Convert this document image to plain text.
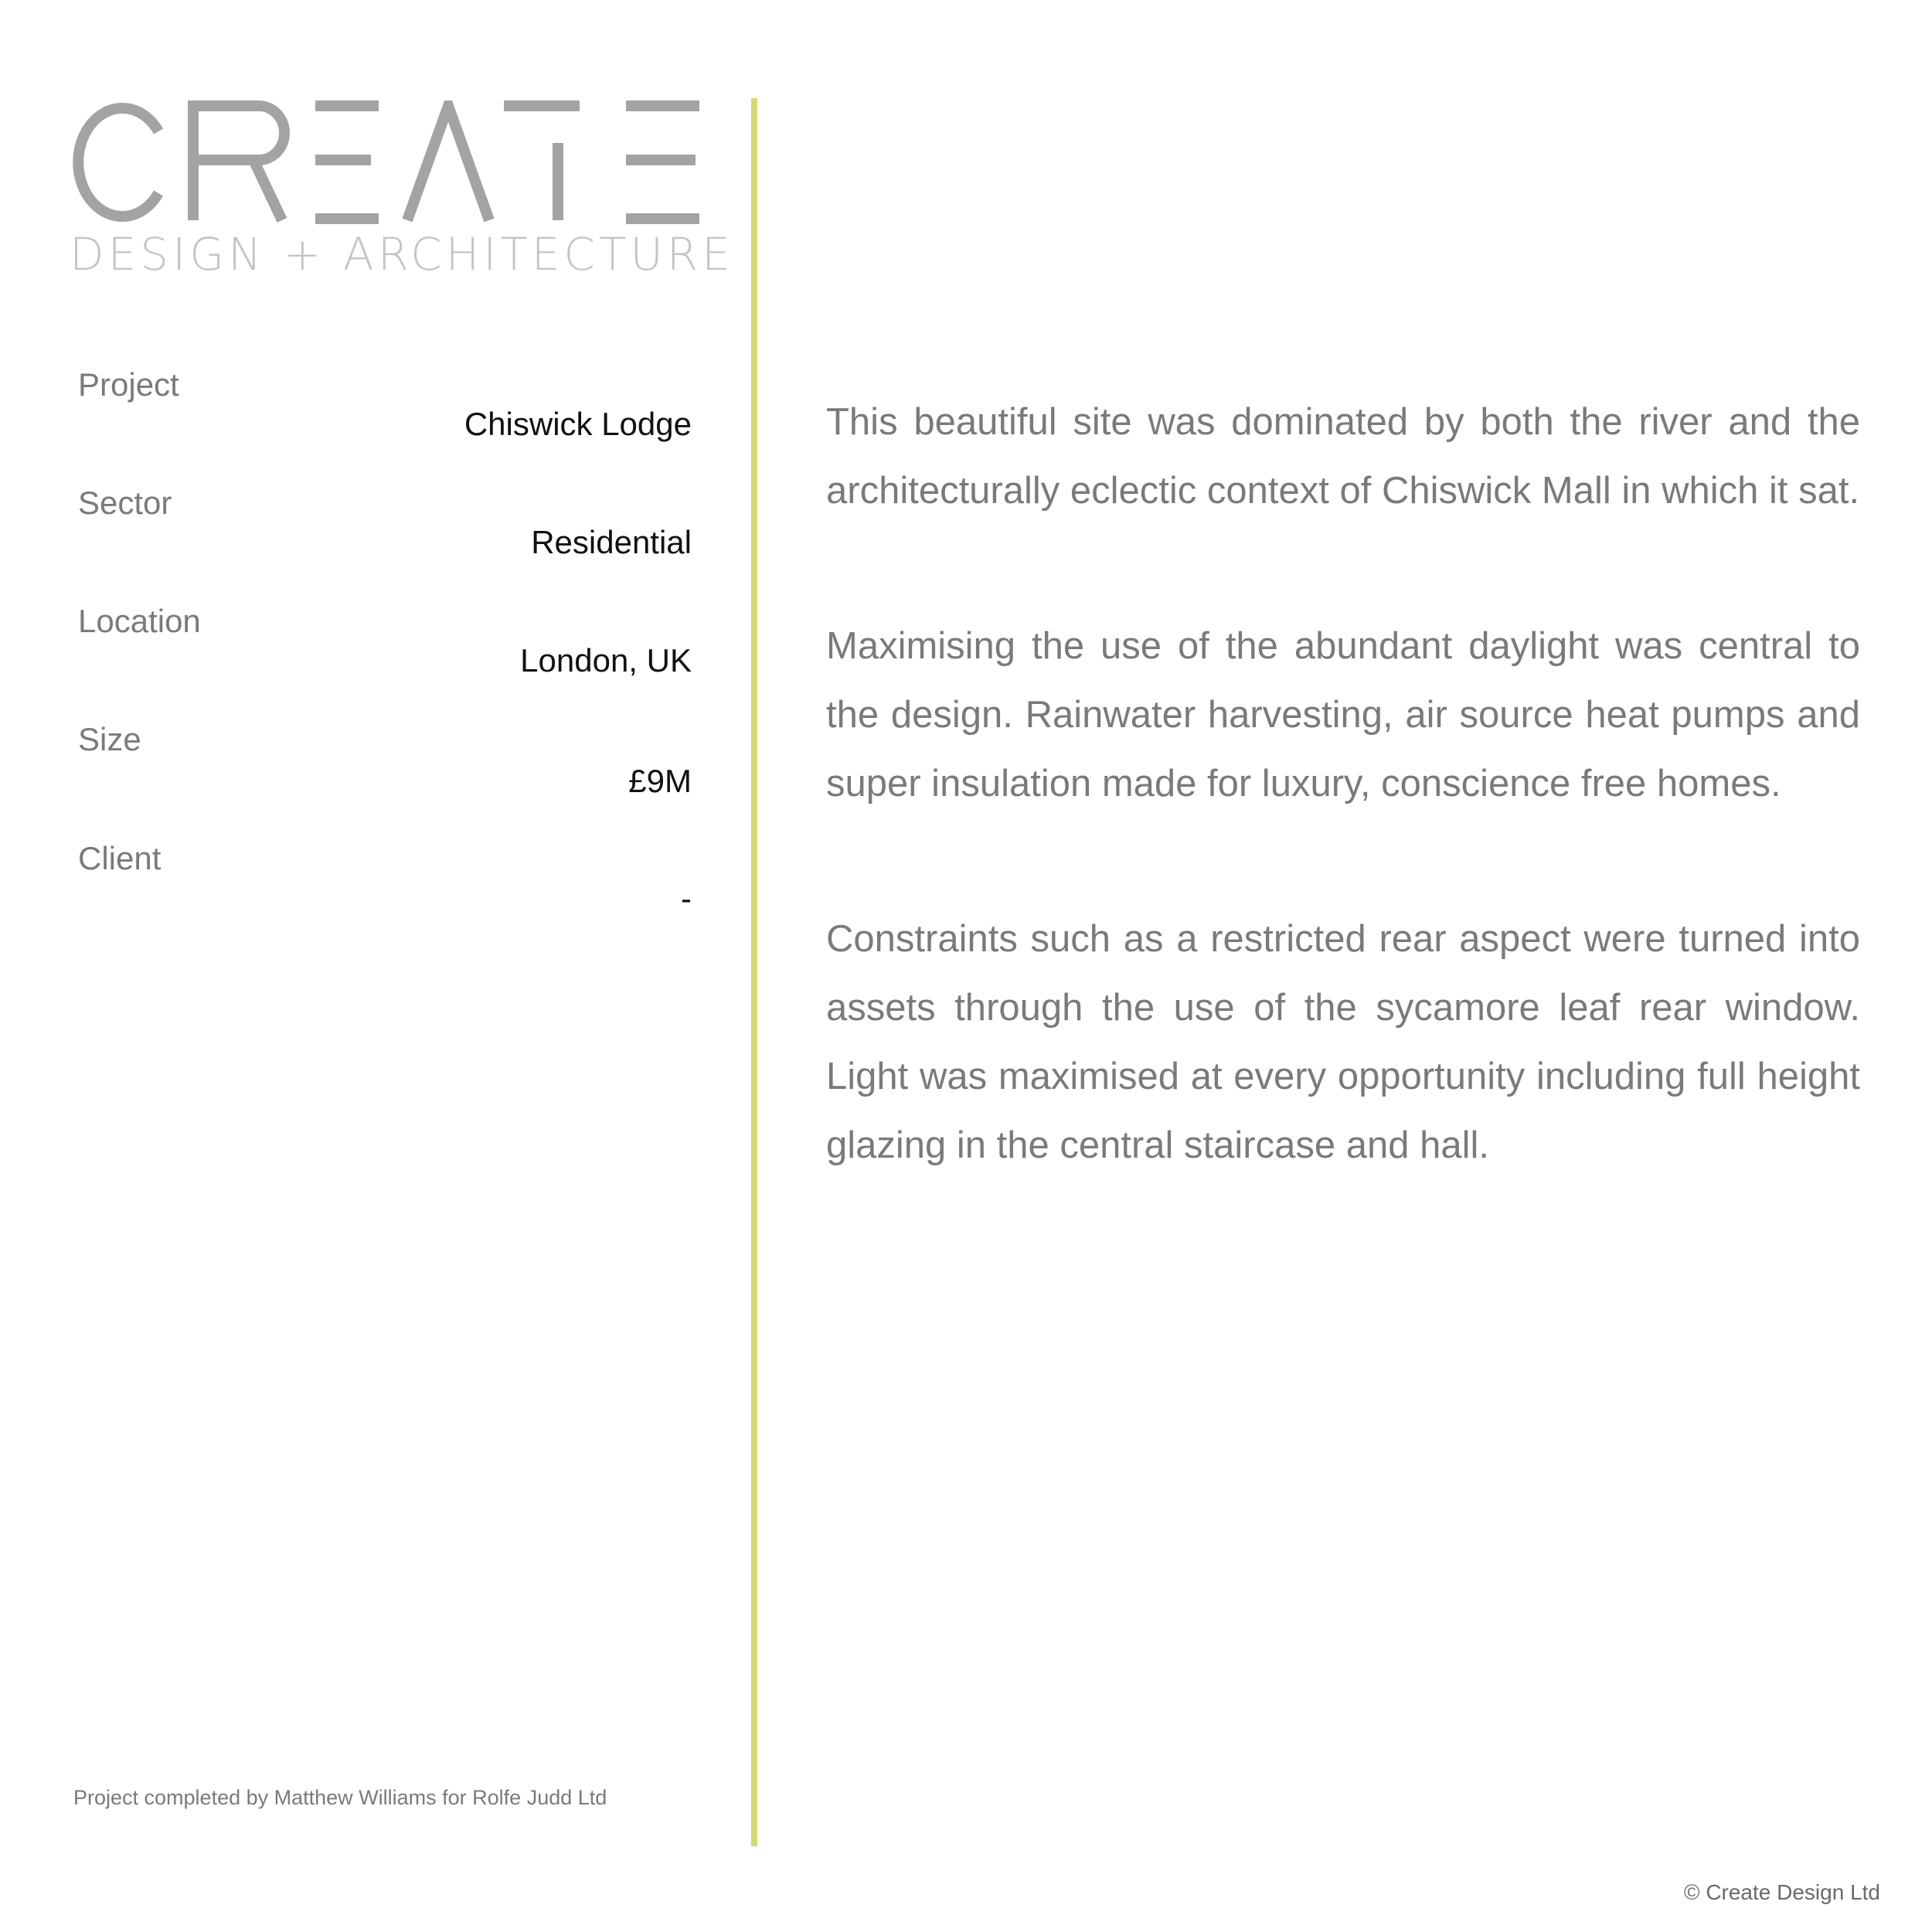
DESIGN + ARCHITECTURE
Project
Chiswick Lodge
Sector
Residential
Location
London, UK
Size
£9M
Client
-

This beautiful site was dominated by both the river and the architecturally eclectic context of Chiswick Mall in which it sat.

Maximising the use of the abundant daylight was central to the design. Rainwater harvesting, air source heat pumps and super insulation made for luxury, conscience free homes.

Constraints such as a restricted rear aspect were turned into assets through the use of the sycamore leaf rear window. Light was maximised at every opportunity including full height glazing in the central staircase and hall.

Project completed by Matthew Williams for Rolfe Judd Ltd
© Create Design Ltd
